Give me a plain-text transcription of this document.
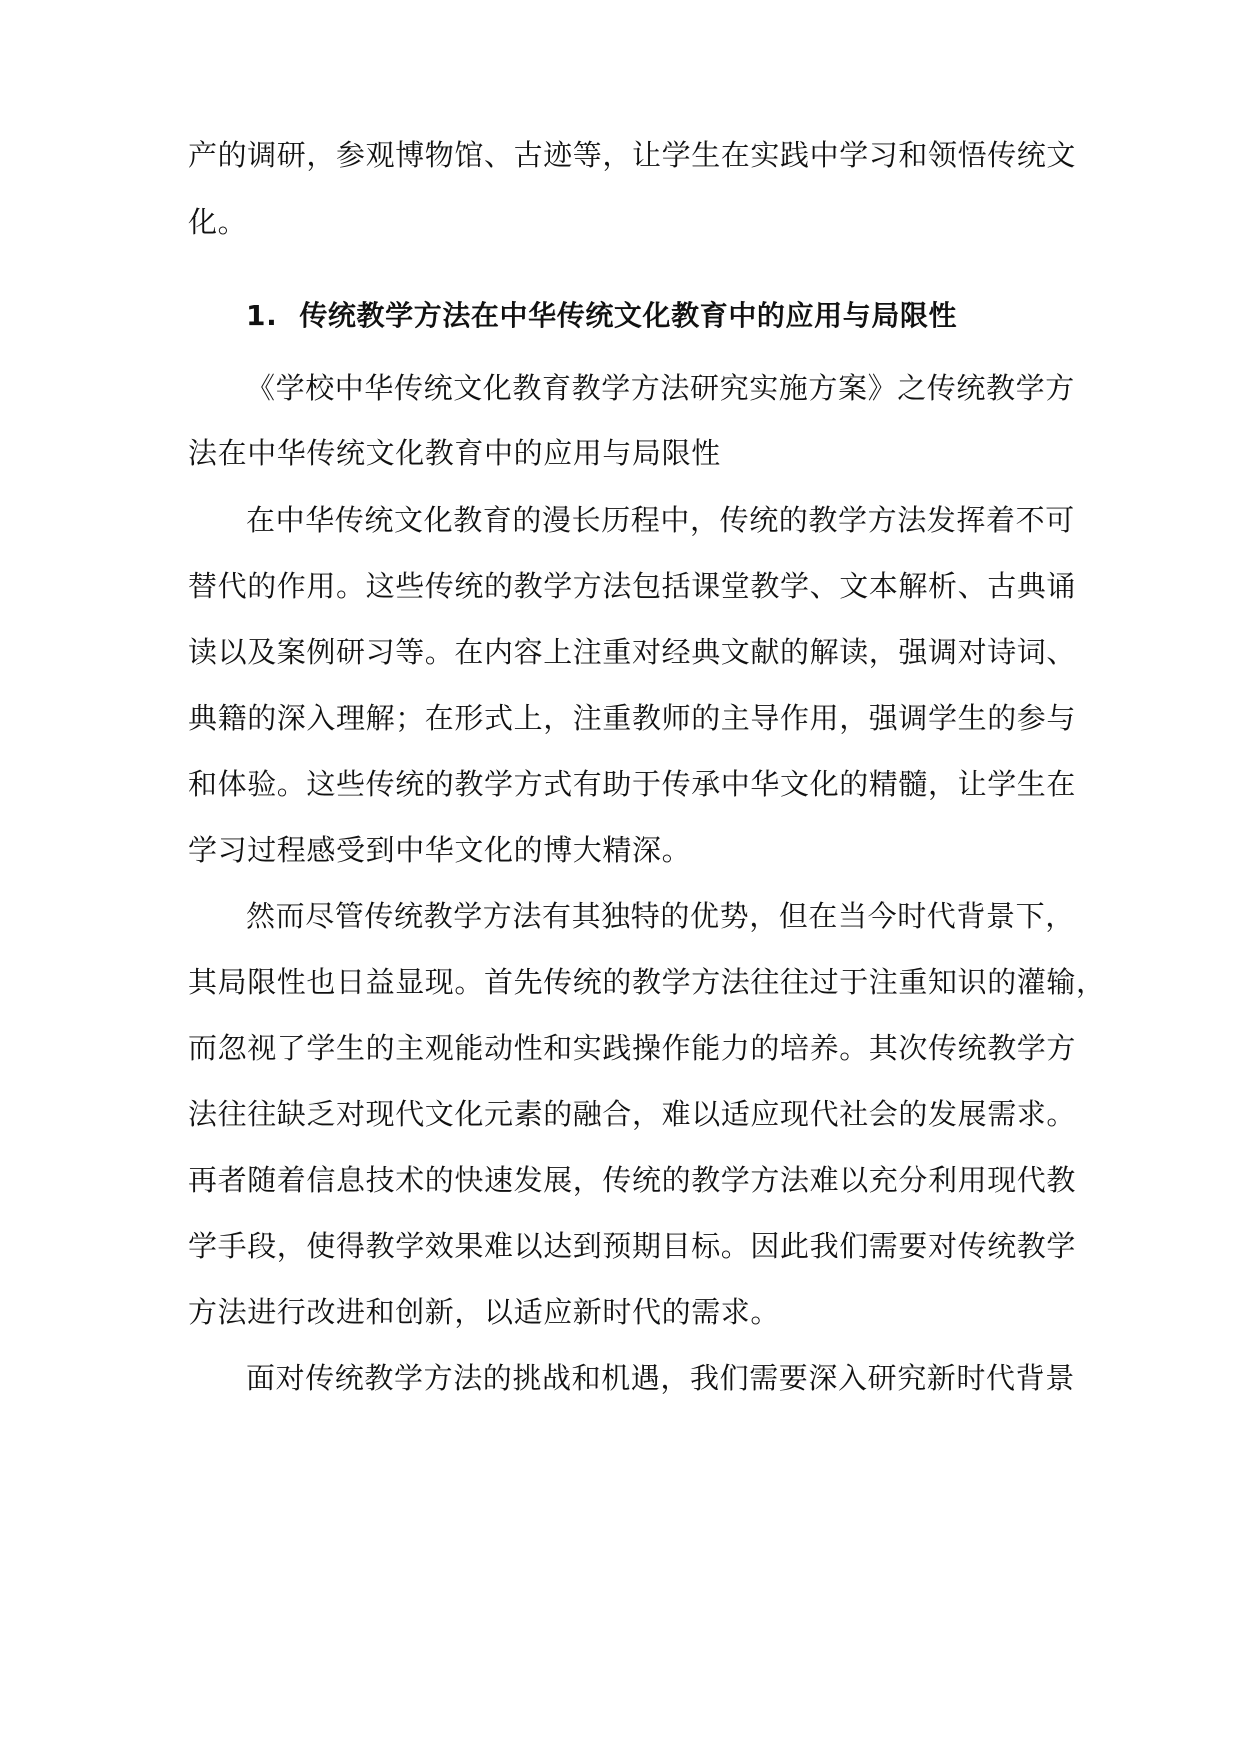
产的调研，参观博物馆、古迹等，让学生在实践中学习和领悟传统文
化。
1. 传统教学方法在中华传统文化教育中的应用与局限性
《学校中华传统文化教育教学方法研究实施方案》之传统教学方
法在中华传统文化教育中的应用与局限性
在中华传统文化教育的漫长历程中，传统的教学方法发挥着不可
替代的作用。这些传统的教学方法包括课堂教学、文本解析、古典诵
读以及案例研习等。在内容上注重对经典文献的解读，强调对诗词、
典籍的深入理解；在形式上，注重教师的主导作用，强调学生的参与
和体验。这些传统的教学方式有助于传承中华文化的精髓，让学生在
学习过程感受到中华文化的博大精深。
然而尽管传统教学方法有其独特的优势，但在当今时代背景下，
其局限性也日益显现。首先传统的教学方法往往过于注重知识的灌输，
而忽视了学生的主观能动性和实践操作能力的培养。其次传统教学方
法往往缺乏对现代文化元素的融合，难以适应现代社会的发展需求。
再者随着信息技术的快速发展，传统的教学方法难以充分利用现代教
学手段，使得教学效果难以达到预期目标。因此我们需要对传统教学
方法进行改进和创新，以适应新时代的需求。
面对传统教学方法的挑战和机遇，我们需要深入研究新时代背景
